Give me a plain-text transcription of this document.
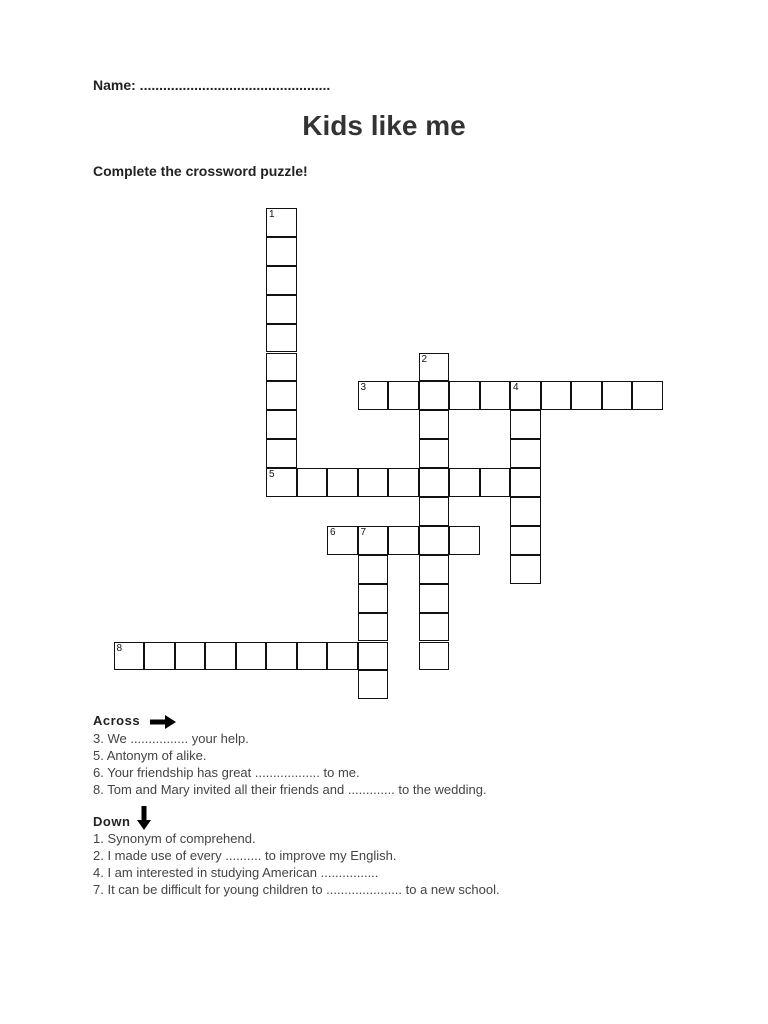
Name: .................................................
Kids like me
Complete the crossword puzzle!
1
5
2
3	4
6 7
8
Across
3. We ................ your help.
5. Antonym of alike.
6. Your friendship has great .................. to me.
8. Tom and Mary invited all their friends and ............. to the wedding.
Down
1. Synonym of comprehend.
2. I made use of every .......... to improve my English.
4. I am interested in studying American ................
7. It can be difficult for young children to ..................... to a new school.
